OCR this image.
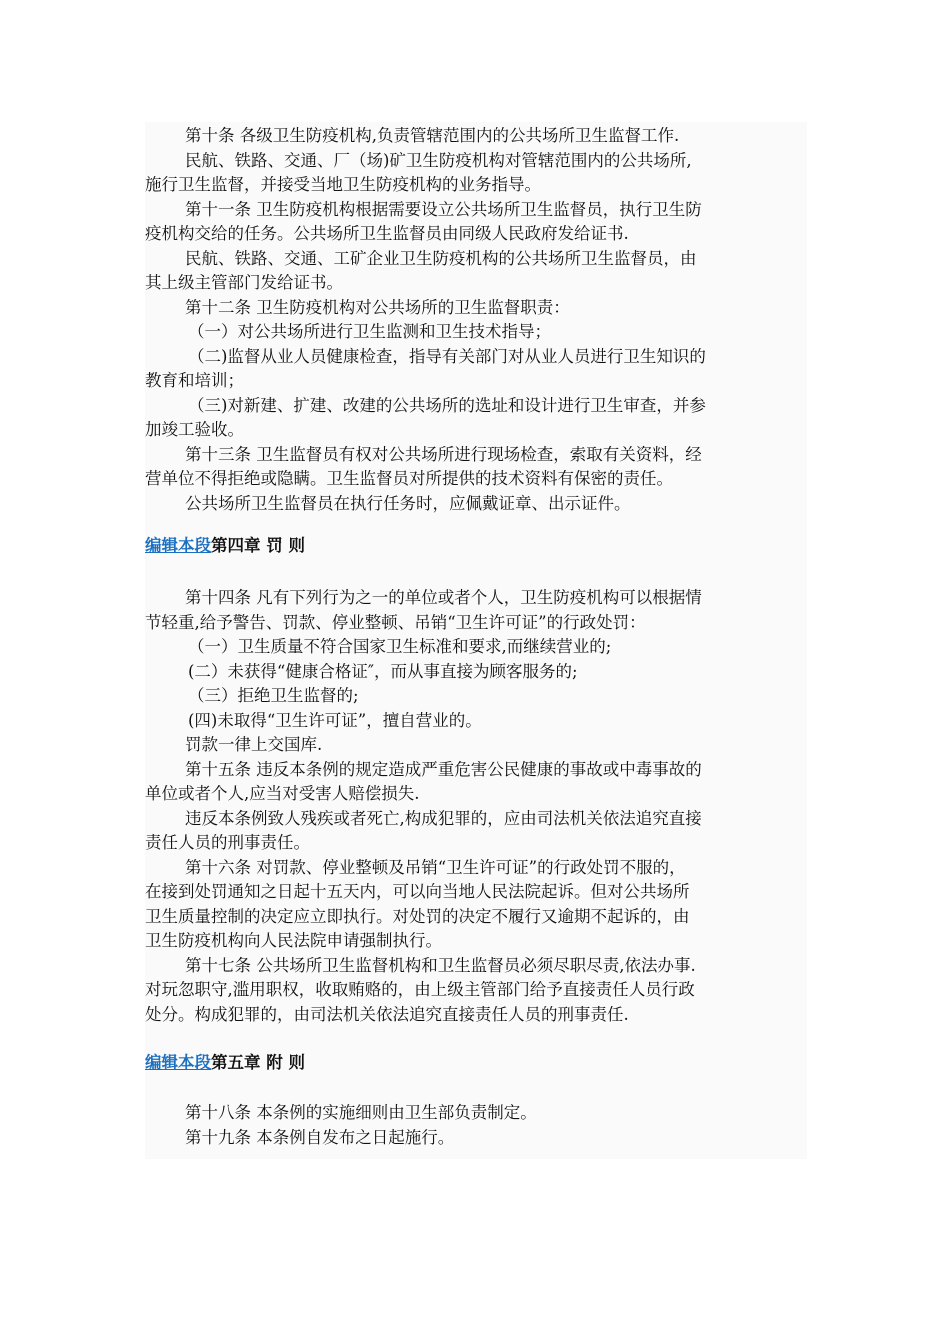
第十条 各级卫生防疫机构,负责管辖范围内的公共场所卫生监督工作.
民航、铁路、交通、厂（场)矿卫生防疫机构对管辖范围内的公共场所,
施行卫生监督，并接受当地卫生防疫机构的业务指导。
第十一条 卫生防疫机构根据需要设立公共场所卫生监督员，执行卫生防
疫机构交给的任务。公共场所卫生监督员由同级人民政府发给证书.
民航、铁路、交通、工矿企业卫生防疫机构的公共场所卫生监督员，由
其上级主管部门发给证书。
第十二条 卫生防疫机构对公共场所的卫生监督职责：
（一）对公共场所进行卫生监测和卫生技术指导；
（二)监督从业人员健康检查，指导有关部门对从业人员进行卫生知识的
教育和培训；
（三)对新建、扩建、改建的公共场所的选址和设计进行卫生审查，并参
加竣工验收。
第十三条 卫生监督员有权对公共场所进行现场检查，索取有关资料，经
营单位不得拒绝或隐瞒。卫生监督员对所提供的技术资料有保密的责任。
公共场所卫生监督员在执行任务时，应佩戴证章、出示证件。
编辑本段第四章 罚 则
第十四条 凡有下列行为之一的单位或者个人，卫生防疫机构可以根据情
节轻重,给予警告、罚款、停业整顿、吊销“卫生许可证”的行政处罚：
（一）卫生质量不符合国家卫生标准和要求,而继续营业的;
(二）未获得“健康合格证″，而从事直接为顾客服务的;
（三）拒绝卫生监督的;
(四)未取得“卫生许可证”，擅自营业的。
罚款一律上交国库.
第十五条 违反本条例的规定造成严重危害公民健康的事故或中毒事故的
单位或者个人,应当对受害人赔偿损失.
违反本条例致人残疾或者死亡,构成犯罪的，应由司法机关依法追究直接
责任人员的刑事责任。
第十六条 对罚款、停业整顿及吊销“卫生许可证”的行政处罚不服的，
在接到处罚通知之日起十五天内，可以向当地人民法院起诉。但对公共场所
卫生质量控制的决定应立即执行。对处罚的决定不履行又逾期不起诉的，由
卫生防疫机构向人民法院申请强制执行。
第十七条 公共场所卫生监督机构和卫生监督员必须尽职尽责,依法办事.
对玩忽职守,滥用职权，收取贿赂的，由上级主管部门给予直接责任人员行政
处分。构成犯罪的，由司法机关依法追究直接责任人员的刑事责任.
编辑本段第五章 附 则
第十八条 本条例的实施细则由卫生部负责制定。
第十九条 本条例自发布之日起施行。
